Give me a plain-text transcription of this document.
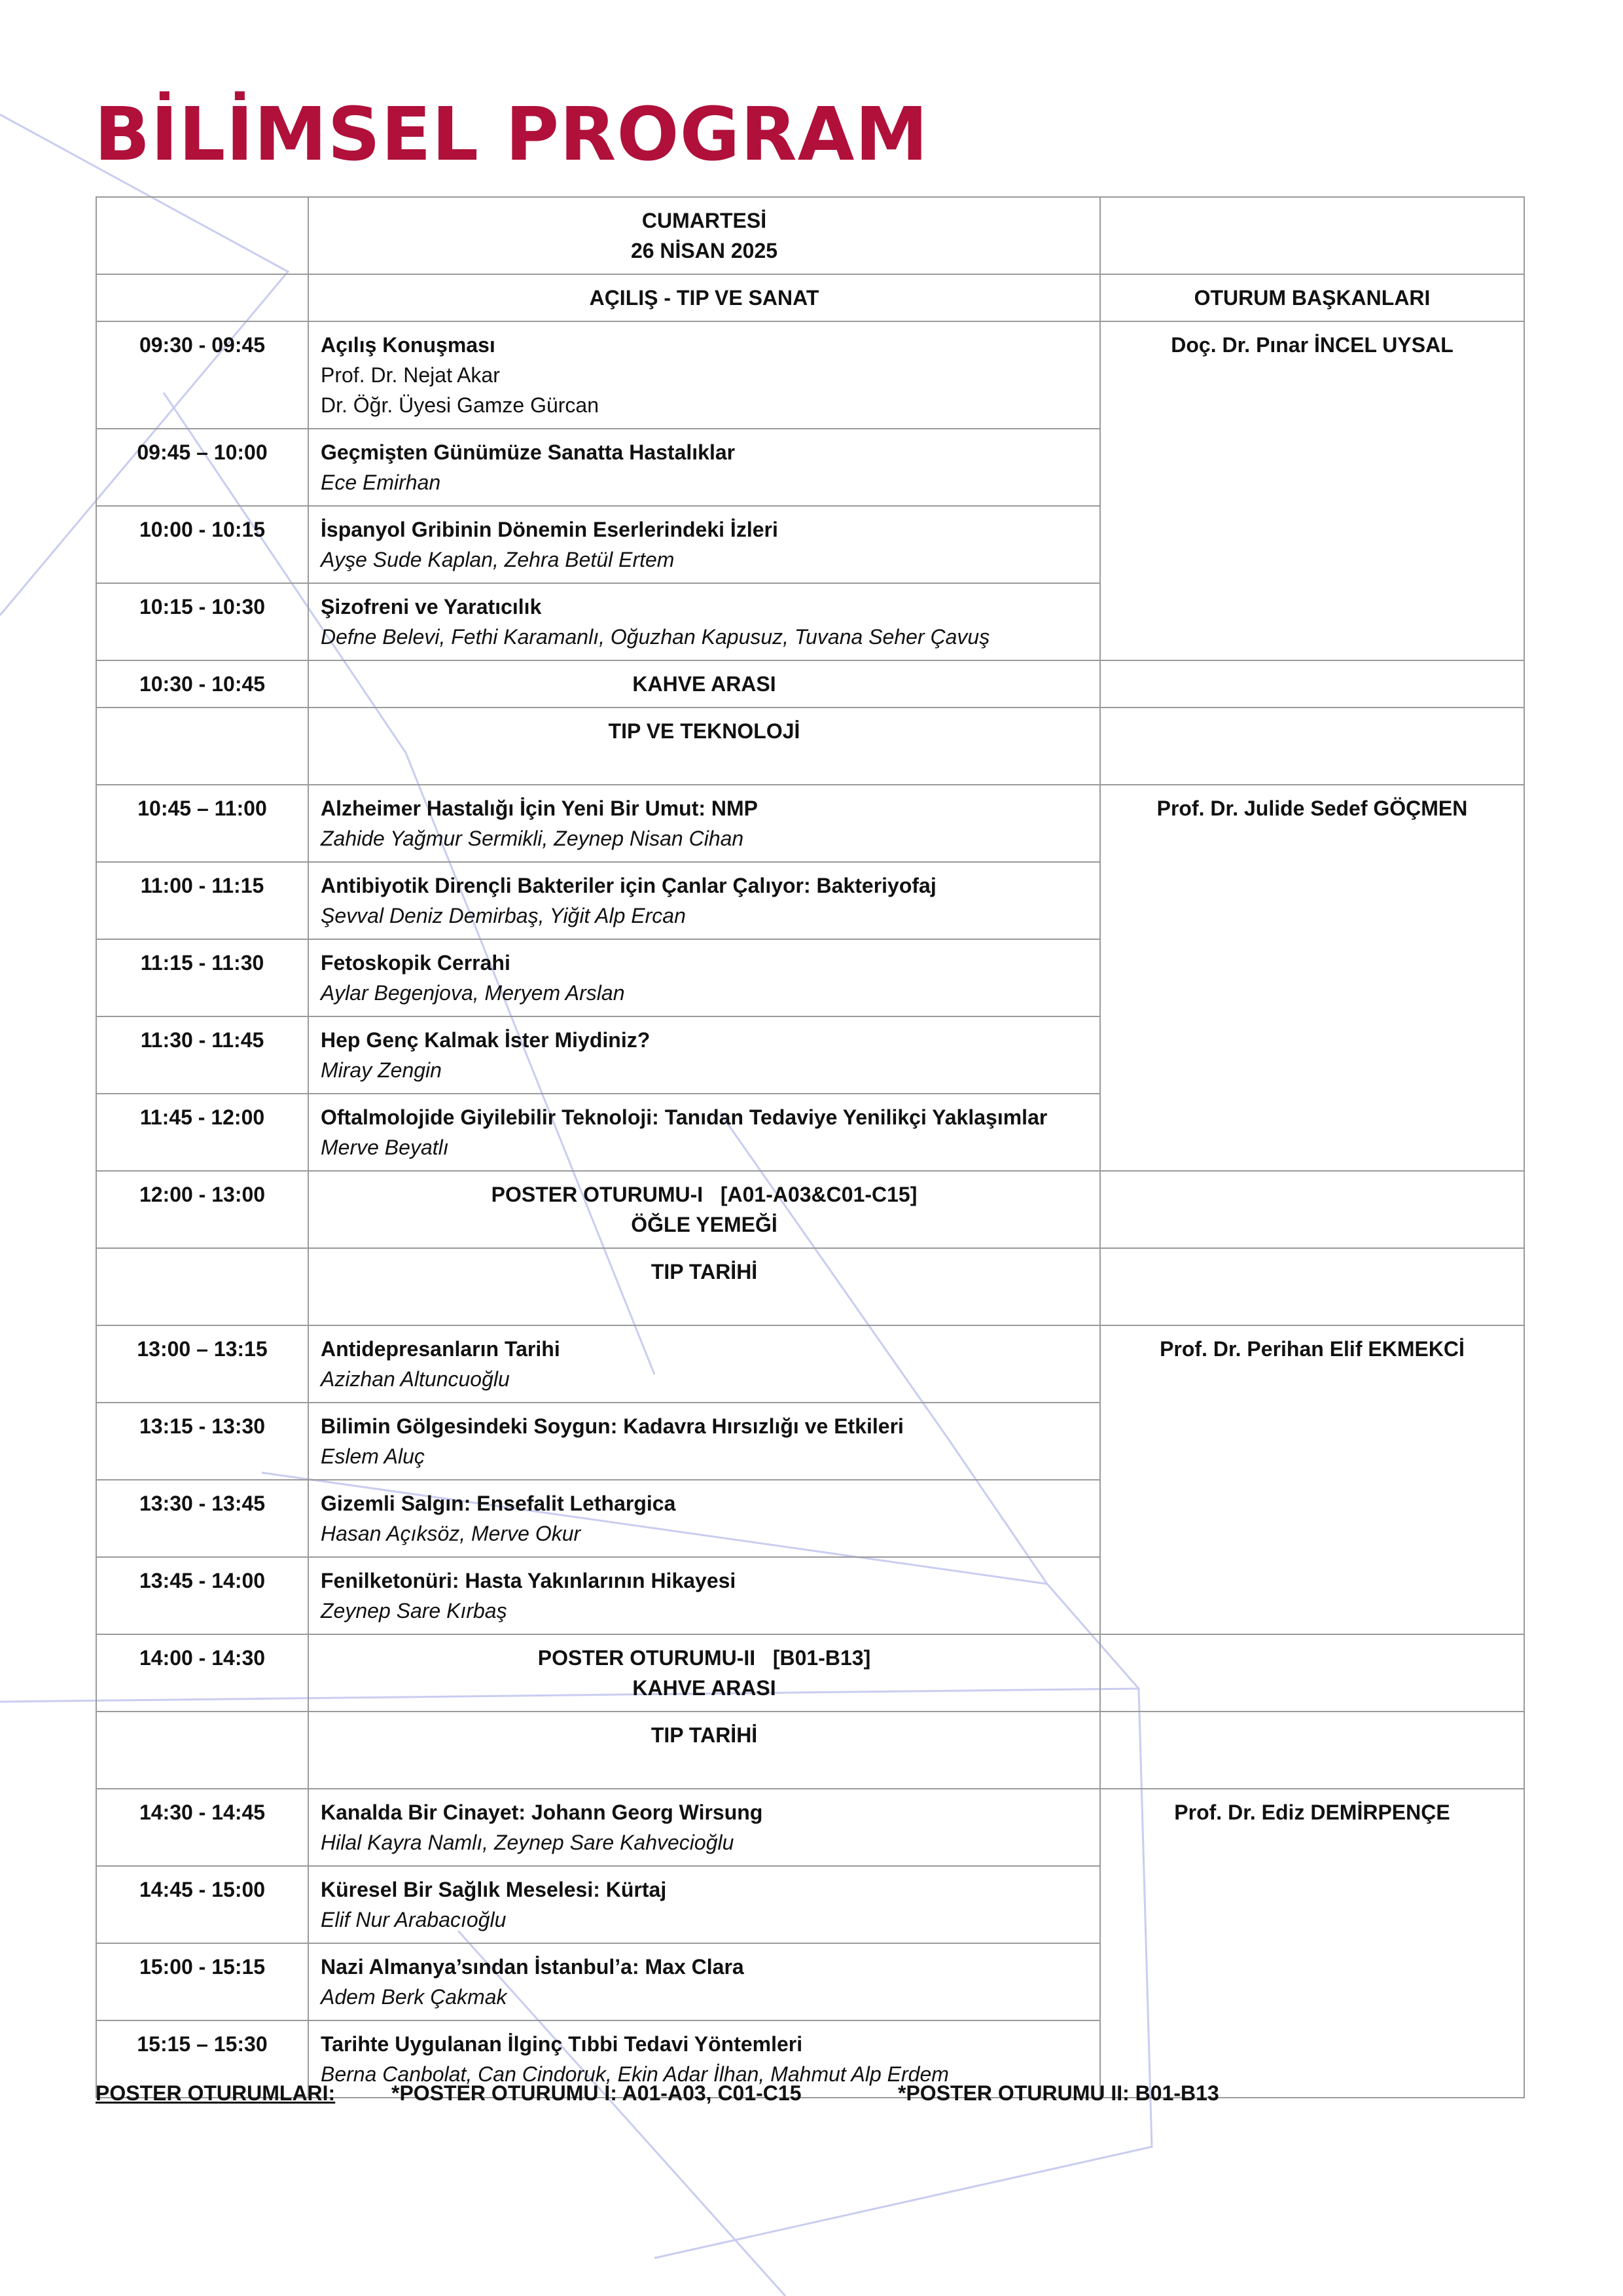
BİLİMSEL PROGRAM

	CUMARTESİ
26 NİSAN 2025	

	AÇILIŞ - TIP VE SANAT	OTURUM BAŞKANLARI
09:30 - 09:45	Açılış Konuşması
Prof. Dr. Nejat Akar
Dr. Öğr. Üyesi Gamze Gürcan	Doç. Dr. Pınar İNCEL UYSAL
09:45 – 10:00	Geçmişten Günümüze Sanatta Hastalıklar
Ece Emirhan	

10:00 - 10:15	İspanyol Gribinin Dönemin Eserlerindeki İzleri
Ayşe Sude Kaplan, Zehra Betül Ertem	

10:15 - 10:30	Şizofreni ve Yaratıcılık
Defne Belevi, Fethi Karamanlı, Oğuzhan Kapusuz, Tuvana Seher Çavuş	

10:30 - 10:45	KAHVE ARASI	

	TIP VE TEKNOLOJİ	
10:45 – 11:00	Alzheimer Hastalığı İçin Yeni Bir Umut: NMP
Zahide Yağmur Sermikli, Zeynep Nisan Cihan	Prof. Dr. Julide Sedef GÖÇMEN
11:00 - 11:15	Antibiyotik Dirençli Bakteriler için Çanlar Çalıyor: Bakteriyofaj
Şevval Deniz Demirbaş, Yiğit Alp Ercan	

11:15 - 11:30	Fetoskopik Cerrahi
Aylar Begenjova, Meryem Arslan	

11:30 - 11:45	Hep Genç Kalmak İster Miydiniz?
Miray Zengin	

11:45 - 12:00	Oftalmolojide Giyilebilir Teknoloji: Tanıdan Tedaviye Yenilikçi Yaklaşımlar
Merve Beyatlı	

12:00 - 13:00	POSTER OTURUMU-I   [A01-A03&C01-C15]
ÖĞLE YEMEĞİ	

	TIP TARİHİ	
13:00 – 13:15	Antidepresanların Tarihi
Azizhan Altuncuoğlu	Prof. Dr. Perihan Elif EKMEKCİ
13:15 - 13:30	Bilimin Gölgesindeki Soygun: Kadavra Hırsızlığı ve Etkileri
Eslem Aluç	

13:30 - 13:45	Gizemli Salgın: Ensefalit Lethargica
Hasan Açıksöz, Merve Okur	

13:45 - 14:00	Fenilketonüri: Hasta Yakınlarının Hikayesi
Zeynep Sare Kırbaş	

14:00 - 14:30	POSTER OTURUMU-II   [B01-B13]
KAHVE ARASI	

	TIP TARİHİ	
14:30 - 14:45	Kanalda Bir Cinayet: Johann Georg Wirsung
Hilal Kayra Namlı, Zeynep Sare Kahvecioğlu	Prof. Dr. Ediz DEMİRPENÇE
14:45 - 15:00	Küresel Bir Sağlık Meselesi: Kürtaj
Elif Nur Arabacıoğlu	

15:00 - 15:15	Nazi Almanya’sından İstanbul’a: Max Clara
Adem Berk Çakmak	

15:15 – 15:30	Tarihte Uygulanan İlginç Tıbbi Tedavi Yöntemleri
Berna Canbolat, Can Cindoruk, Ekin Adar İlhan, Mahmut Alp Erdem	
POSTER OTURUMLARI:	*POSTER OTURUMU I: A01-A03, C01-C15	*POSTER OTURUMU II: B01-B13
